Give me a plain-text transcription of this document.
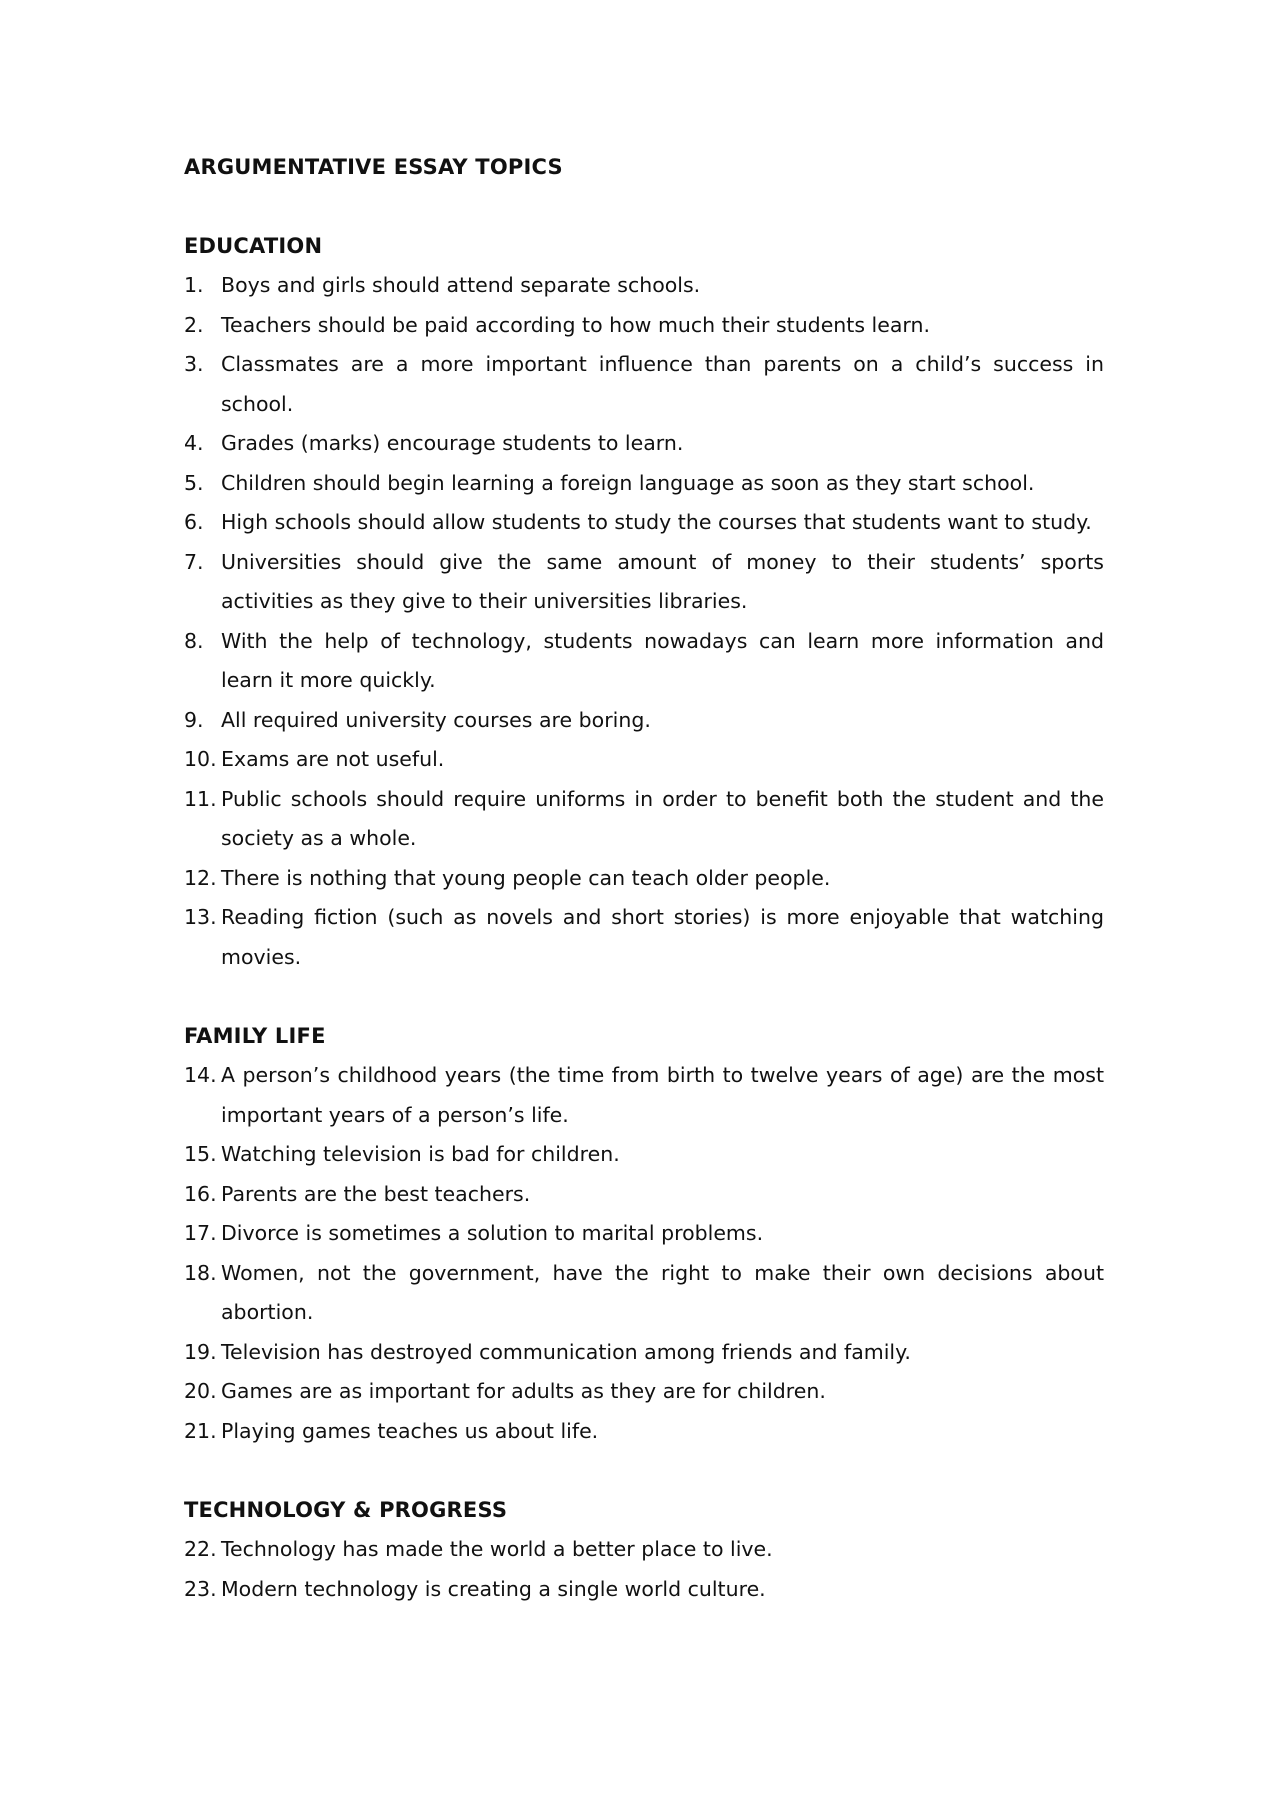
ARGUMENTATIVE ESSAY TOPICS
EDUCATION
1. Boys and girls should attend separate schools.
2. Teachers should be paid according to how much their students learn.
3. Classmates are a more important influence than parents on a child’s success in school.
4. Grades (marks) encourage students to learn.
5. Children should begin learning a foreign language as soon as they start school.
6. High schools should allow students to study the courses that students want to study.
7. Universities should give the same amount of money to their students’ sports activities as they give to their universities libraries.
8. With the help of technology, students nowadays can learn more information and learn it more quickly.
9. All required university courses are boring.
10. Exams are not useful.
11. Public schools should require uniforms in order to benefit both the student and the society as a whole.
12. There is nothing that young people can teach older people.
13. Reading fiction (such as novels and short stories) is more enjoyable that watching movies.
FAMILY LIFE
14. A person’s childhood years (the time from birth to twelve years of age) are the most important years of a person’s life.
15. Watching television is bad for children.
16. Parents are the best teachers.
17. Divorce is sometimes a solution to marital problems.
18. Women, not the government, have the right to make their own decisions about abortion.
19. Television has destroyed communication among friends and family.
20. Games are as important for adults as they are for children.
21. Playing games teaches us about life.
TECHNOLOGY & PROGRESS
22. Technology has made the world a better place to live.
23. Modern technology is creating a single world culture.
